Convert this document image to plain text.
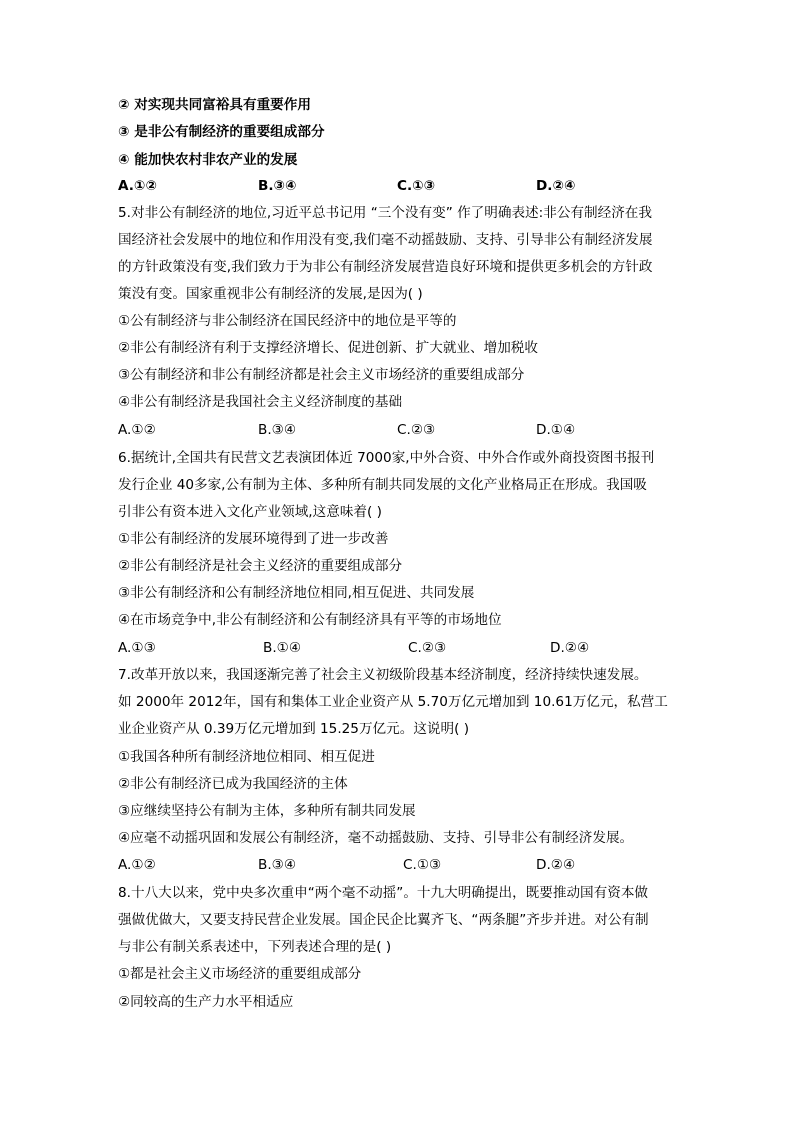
② 对实现共同富裕具有重要作用
③ 是非公有制经济的重要组成部分
④ 能加快农村非农产业的发展
A.①②	B.③④	C.①③	D.②④
5.对非公有制经济的地位,习近平总书记用 “三个没有变” 作了明确表述:非公有制经济在我
国经济社会发展中的地位和作用没有变,我们毫不动摇鼓励、支持、引导非公有制经济发展
的方针政策没有变,我们致力于为非公有制经济发展营造良好环境和提供更多机会的方针政
策没有变。国家重视非公有制经济的发展,是因为( )
①公有制经济与非公制经济在国民经济中的地位是平等的
②非公有制经济有利于支撑经济增长、促进创新、扩大就业、增加税收
③公有制经济和非公有制经济都是社会主义市场经济的重要组成部分
④非公有制经济是我国社会主义经济制度的基础
A.①②	B.③④	C.②③	D.①④
6.据统计,全国共有民营文艺表演团体近 7000家,中外合资、中外合作或外商投资图书报刊
发行企业 40多家,公有制为主体、多种所有制共同发展的文化产业格局正在形成。我国吸
引非公有资本进入文化产业领域,这意味着( )
①非公有制经济的发展环境得到了进一步改善
②非公有制经济是社会主义经济的重要组成部分
③非公有制经济和公有制经济地位相同,相互促进、共同发展
④在市场竞争中,非公有制经济和公有制经济具有平等的市场地位
A.①③	B.①④	C.②③	D.②④
7.改革开放以来，我国逐渐完善了社会主义初级阶段基本经济制度，经济持续快速发展。
如 2000年 2012年，国有和集体工业企业资产从 5.70万亿元增加到 10.61万亿元，私营工
业企业资产从 0.39万亿元增加到 15.25万亿元。这说明( )
①我国各种所有制经济地位相同、相互促进
②非公有制经济已成为我国经济的主体
③应继续坚持公有制为主体，多种所有制共同发展
④应毫不动摇巩固和发展公有制经济，毫不动摇鼓励、支持、引导非公有制经济发展。
A.①②	B.③④	C.①③	D.②④
8.十八大以来，党中央多次重申“两个毫不动摇”。十九大明确提出，既要推动国有资本做
强做优做大，又要支持民营企业发展。国企民企比翼齐飞、“两条腿”齐步并进。对公有制
与非公有制关系表述中，下列表述合理的是( )
①都是社会主义市场经济的重要组成部分
②同较高的生产力水平相适应
